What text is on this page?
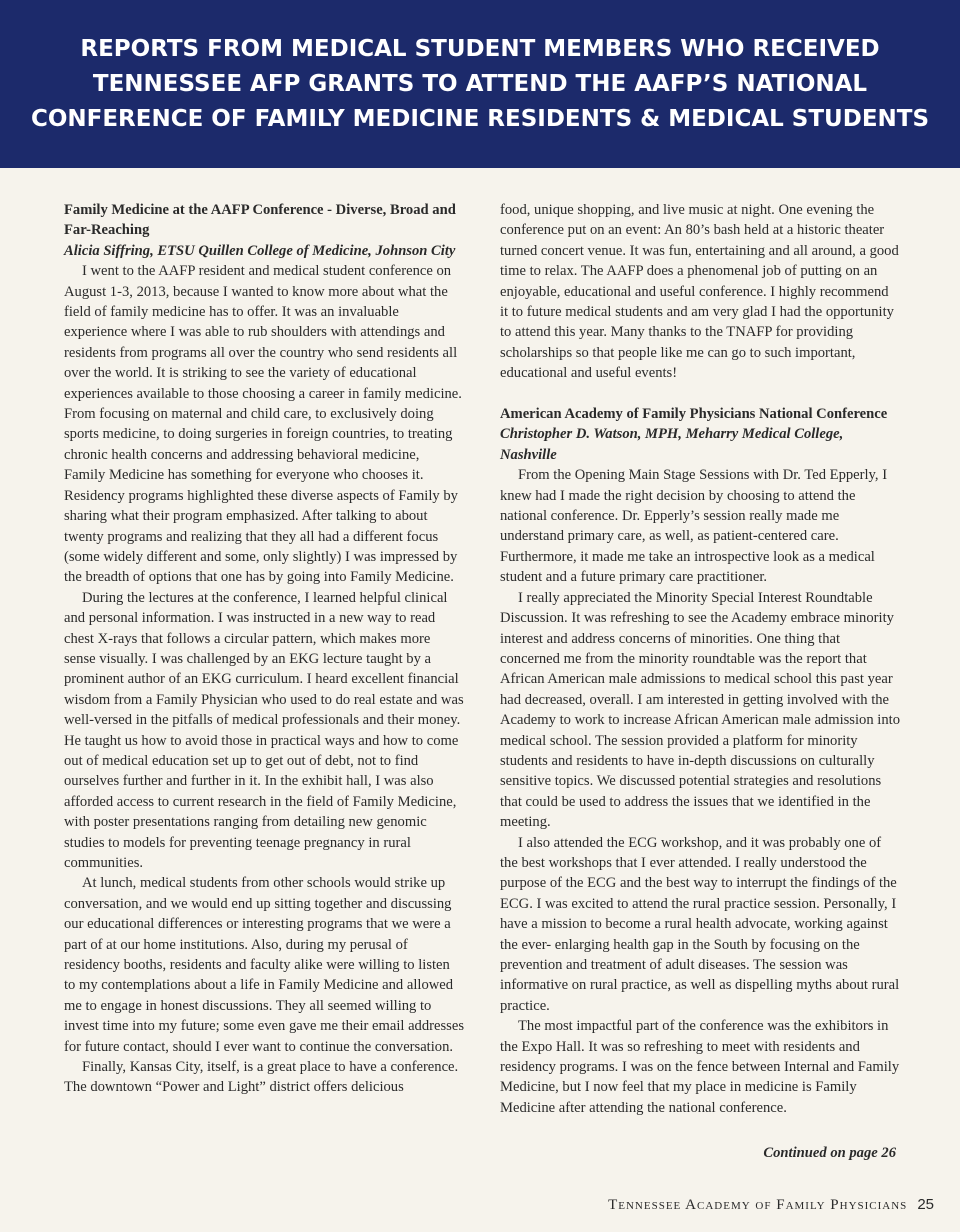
REPORTS FROM MEDICAL STUDENT MEMBERS WHO RECEIVED TENNESSEE AFP GRANTS TO ATTEND THE AAFP’S NATIONAL CONFERENCE OF FAMILY MEDICINE RESIDENTS & MEDICAL STUDENTS
Family Medicine at the AAFP Conference - Diverse, Broad and Far-Reaching
Alicia Siffring, ETSU Quillen College of Medicine, Johnson City

I went to the AAFP resident and medical student conference on August 1-3, 2013, because I wanted to know more about what the field of family medicine has to offer. It was an invaluable experience where I was able to rub shoulders with attendings and residents from programs all over the country who send residents all over the world. It is striking to see the variety of educational experiences available to those choosing a career in family medicine. From focusing on maternal and child care, to exclusively doing sports medicine, to doing surgeries in foreign countries, to treating chronic health concerns and addressing behavioral medicine, Family Medicine has something for everyone who chooses it. Residency programs highlighted these diverse aspects of Family by sharing what their program emphasized. After talking to about twenty programs and realizing that they all had a different focus (some widely different and some, only slightly) I was impressed by the breadth of options that one has by going into Family Medicine.

During the lectures at the conference, I learned helpful clinical and personal information. I was instructed in a new way to read chest X-rays that follows a circular pattern, which makes more sense visually. I was challenged by an EKG lecture taught by a prominent author of an EKG curriculum. I heard excellent financial wisdom from a Family Physician who used to do real estate and was well-versed in the pitfalls of medical professionals and their money. He taught us how to avoid those in practical ways and how to come out of medical education set up to get out of debt, not to find ourselves further and further in it. In the exhibit hall, I was also afforded access to current research in the field of Family Medicine, with poster presentations ranging from detailing new genomic studies to models for preventing teenage pregnancy in rural communities.

At lunch, medical students from other schools would strike up conversation, and we would end up sitting together and discussing our educational differences or interesting programs that we were a part of at our home institutions. Also, during my perusal of residency booths, residents and faculty alike were willing to listen to my contemplations about a life in Family Medicine and allowed me to engage in honest discussions. They all seemed willing to invest time into my future; some even gave me their email addresses for future contact, should I ever want to continue the conversation.

Finally, Kansas City, itself, is a great place to have a conference. The downtown “Power and Light” district offers delicious

food, unique shopping, and live music at night. One evening the conference put on an event: An 80’s bash held at a historic theater turned concert venue. It was fun, entertaining and all around, a good time to relax. The AAFP does a phenomenal job of putting on an enjoyable, educational and useful conference. I highly recommend it to future medical students and am very glad I had the opportunity to attend this year. Many thanks to the TNAFP for providing scholarships so that people like me can go to such important, educational and useful events!

American Academy of Family Physicians National Conference
Christopher D. Watson, MPH, Meharry Medical College, Nashville

From the Opening Main Stage Sessions with Dr. Ted Epperly, I knew had I made the right decision by choosing to attend the national conference. Dr. Epperly’s session really made me understand primary care, as well, as patient-centered care. Furthermore, it made me take an introspective look as a medical student and a future primary care practitioner.

I really appreciated the Minority Special Interest Roundtable Discussion. It was refreshing to see the Academy embrace minority interest and address concerns of minorities. One thing that concerned me from the minority roundtable was the report that African American male admissions to medical school this past year had decreased, overall. I am interested in getting involved with the Academy to work to increase African American male admission into medical school. The session provided a platform for minority students and residents to have in-depth discussions on culturally sensitive topics. We discussed potential strategies and resolutions that could be used to address the issues that we identified in the meeting.

I also attended the ECG workshop, and it was probably one of the best workshops that I ever attended. I really understood the purpose of the ECG and the best way to interrupt the findings of the ECG. I was excited to attend the rural practice session. Personally, I have a mission to become a rural health advocate, working against the ever- enlarging health gap in the South by focusing on the prevention and treatment of adult diseases. The session was informative on rural practice, as well as dispelling myths about rural practice.

The most impactful part of the conference was the exhibitors in the Expo Hall. It was so refreshing to meet with residents and residency programs. I was on the fence between Internal and Family Medicine, but I now feel that my place in medicine is Family Medicine after attending the national conference.

Continued on page 26
Tennessee Academy of Family Physicians 25
